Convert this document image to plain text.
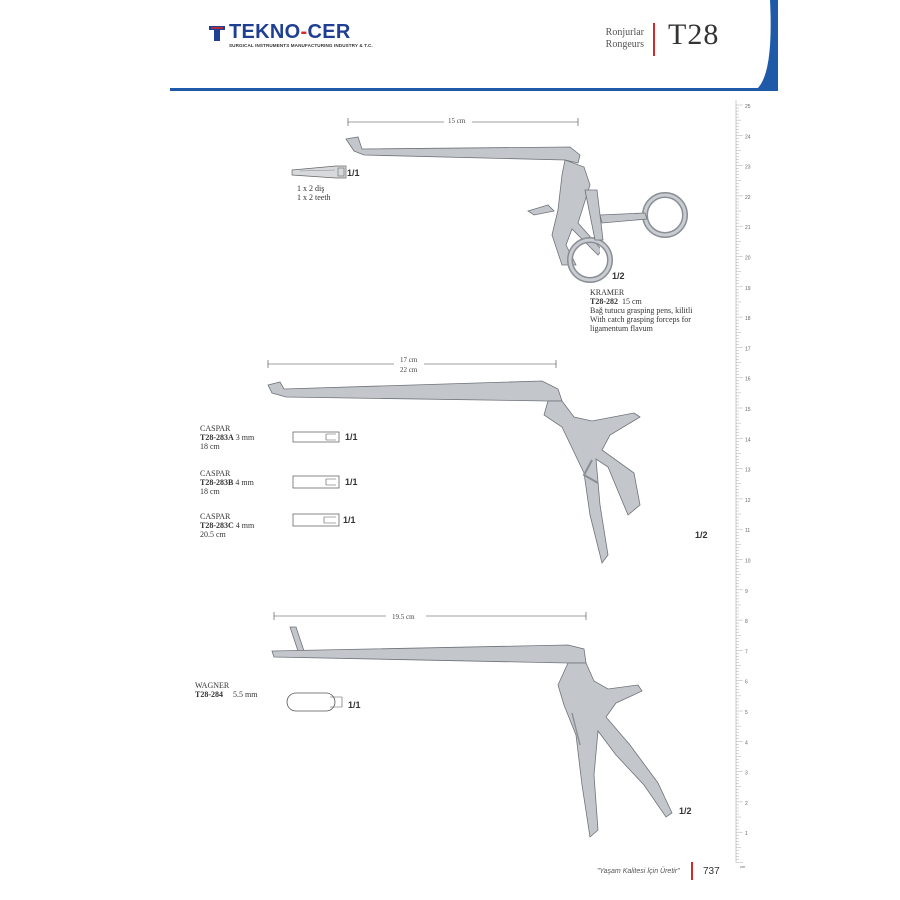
TEKNO-CER
SURGICAL INSTRUMENTS MANUFACTURING INDUSTRY & T.C.
Ronjurlar
Rongeurs T28
25
24
23
22
21
20
19
18
17
16
15
14
13
12
11
10
9
8
7
6
5
4
3
2
1
cm
15 cm
1/1
1 x 2 diş
1 x 2 teeth
1/2
KRAMER
T28-282 15 cm
Bağ tutucu grasping pens, kilitli
With catch grasping forceps for
ligamentum flavum
17 cm
22 cm
1/2
CASPAR
T28-283A 3 mm
18 cm
1/1
CASPAR
T28-283B 4 mm
18 cm
1/1
CASPAR
T28-283C 4 mm
20.5 cm
1/1
19.5 cm
1/2
WAGNER
T28-284 5.5 mm
1/1
"Yaşam Kalitesi İçin Üretir" 737
